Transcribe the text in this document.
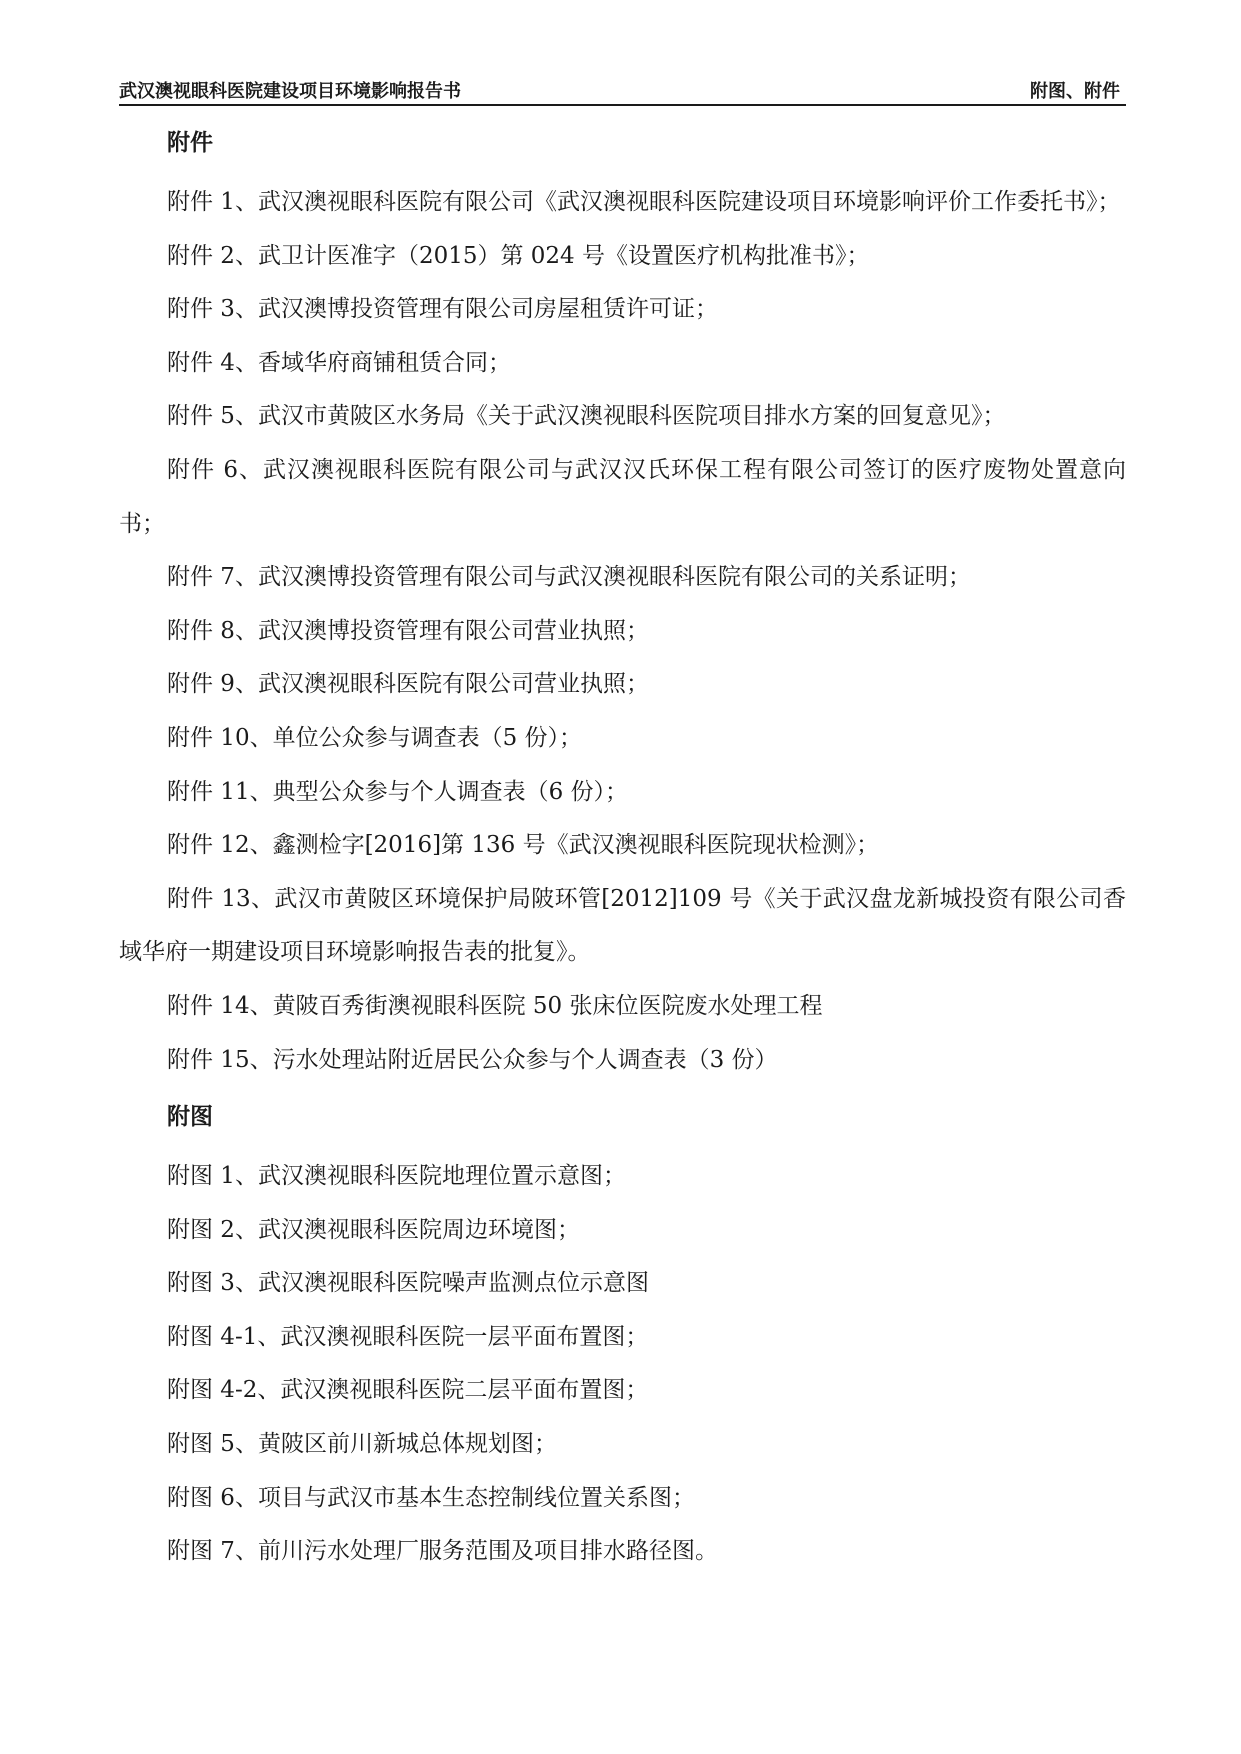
武汉澳视眼科医院建设项目环境影响报告书	附图、附件
附件

附件 1、武汉澳视眼科医院有限公司《武汉澳视眼科医院建设项目环境影响评价工作委托书》；

附件 2、武卫计医准字（2015）第 024 号《设置医疗机构批准书》；

附件 3、武汉澳博投资管理有限公司房屋租赁许可证；

附件 4、香域华府商铺租赁合同；

附件 5、武汉市黄陂区水务局《关于武汉澳视眼科医院项目排水方案的回复意见》；

附件 6、武汉澳视眼科医院有限公司与武汉汉氏环保工程有限公司签订的医疗废物处置意向书；

附件 7、武汉澳博投资管理有限公司与武汉澳视眼科医院有限公司的关系证明；

附件 8、武汉澳博投资管理有限公司营业执照；

附件 9、武汉澳视眼科医院有限公司营业执照；

附件 10、单位公众参与调查表（5 份）；

附件 11、典型公众参与个人调查表（6 份）；

附件 12、鑫测检字[2016]第 136 号《武汉澳视眼科医院现状检测》；

附件 13、武汉市黄陂区环境保护局陂环管[2012]109 号《关于武汉盘龙新城投资有限公司香域华府一期建设项目环境影响报告表的批复》。

附件 14、黄陂百秀街澳视眼科医院 50 张床位医院废水处理工程

附件 15、污水处理站附近居民公众参与个人调查表（3 份）

附图

附图 1、武汉澳视眼科医院地理位置示意图；

附图 2、武汉澳视眼科医院周边环境图；

附图 3、武汉澳视眼科医院噪声监测点位示意图

附图 4-1、武汉澳视眼科医院一层平面布置图；

附图 4-2、武汉澳视眼科医院二层平面布置图；

附图 5、黄陂区前川新城总体规划图；

附图 6、项目与武汉市基本生态控制线位置关系图；

附图 7、前川污水处理厂服务范围及项目排水路径图。
